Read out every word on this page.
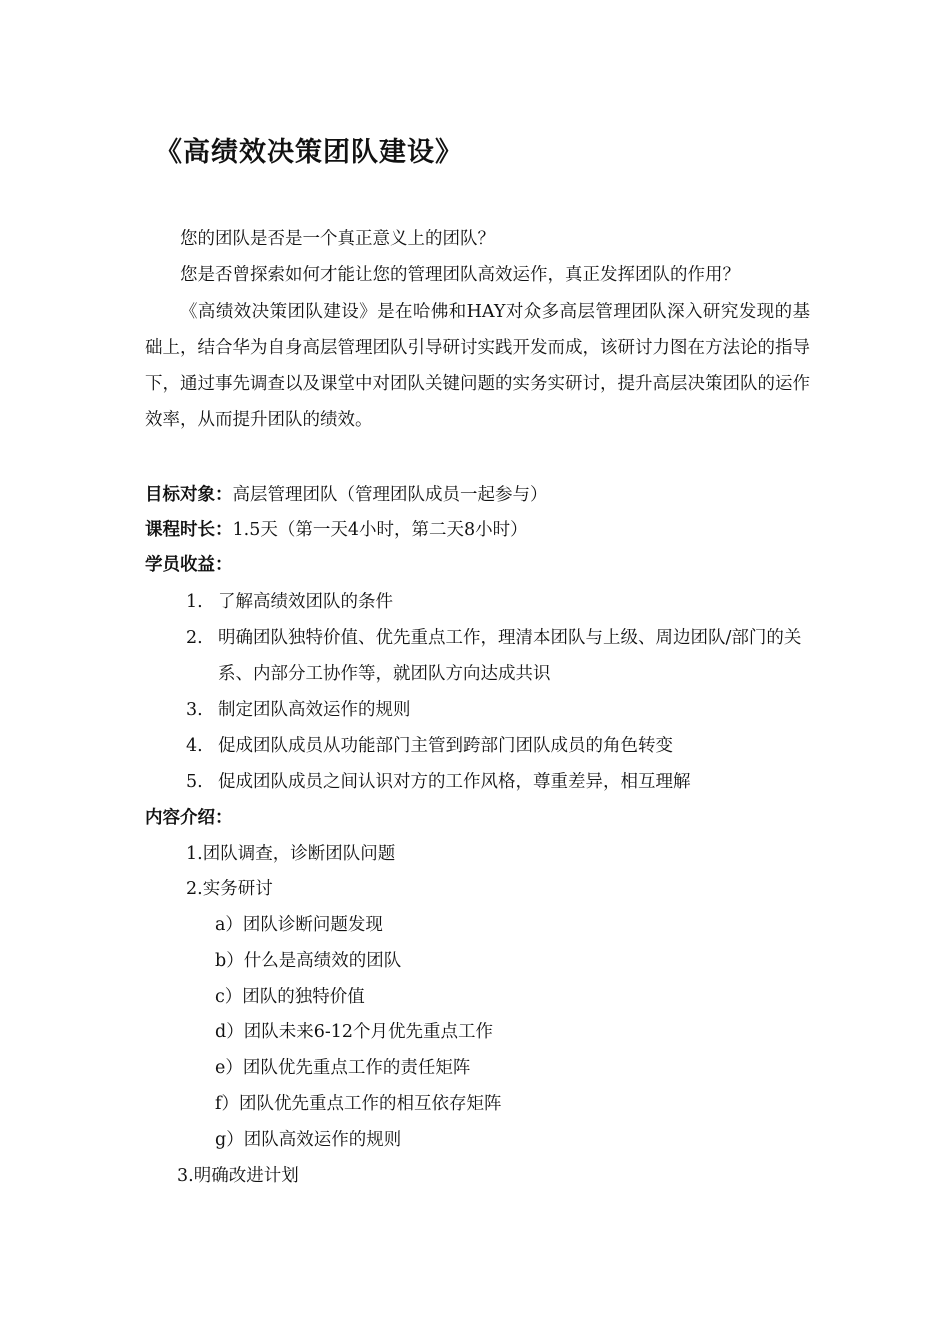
《高绩效决策团队建设》
您的团队是否是一个真正意义上的团队？
您是否曾探索如何才能让您的管理团队高效运作，真正发挥团队的作用？
《高绩效决策团队建设》是在哈佛和HAY对众多高层管理团队深入研究发现的基础上，结合华为自身高层管理团队引导研讨实践开发而成，该研讨力图在方法论的指导下，通过事先调查以及课堂中对团队关键问题的实务实研讨，提升高层决策团队的运作效率，从而提升团队的绩效。
目标对象：高层管理团队（管理团队成员一起参与）
课程时长：1.5天（第一天4小时，第二天8小时）
学员收益：
1. 了解高绩效团队的条件
2. 明确团队独特价值、优先重点工作，理清本团队与上级、周边团队/部门的关系、内部分工协作等，就团队方向达成共识
3. 制定团队高效运作的规则
4. 促成团队成员从功能部门主管到跨部门团队成员的角色转变
5. 促成团队成员之间认识对方的工作风格，尊重差异，相互理解
内容介绍：
1.团队调查，诊断团队问题
2.实务研讨
a）团队诊断问题发现
b）什么是高绩效的团队
c）团队的独特价值
d）团队未来6-12个月优先重点工作
e）团队优先重点工作的责任矩阵
f）团队优先重点工作的相互依存矩阵
g）团队高效运作的规则
3.明确改进计划
